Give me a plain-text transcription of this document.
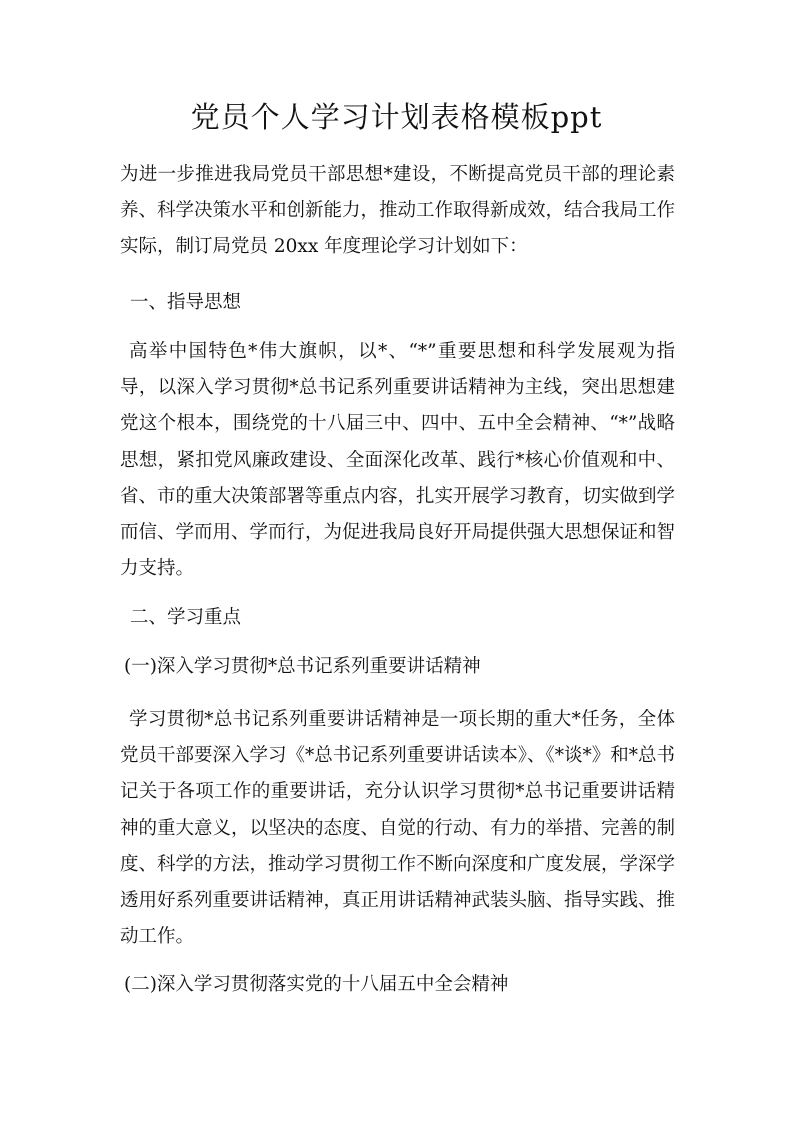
党员个人学习计划表格模板ppt
为进一步推进我局党员干部思想*建设，不断提高党员干部的理论素养、科学决策水平和创新能力，推动工作取得新成效，结合我局工作实际，制订局党员 20xx 年度理论学习计划如下：
一、指导思想
高举中国特色*伟大旗帜，以*、“*”重要思想和科学发展观为指导，以深入学习贯彻*总书记系列重要讲话精神为主线，突出思想建党这个根本，围绕党的十八届三中、四中、五中全会精神、“*”战略思想，紧扣党风廉政建设、全面深化改革、践行*核心价值观和中、省、市的重大决策部署等重点内容，扎实开展学习教育，切实做到学而信、学而用、学而行，为促进我局良好开局提供强大思想保证和智力支持。
二、学习重点
(一)深入学习贯彻*总书记系列重要讲话精神
学习贯彻*总书记系列重要讲话精神是一项长期的重大*任务，全体党员干部要深入学习《*总书记系列重要讲话读本》、《*谈*》和*总书记关于各项工作的重要讲话，充分认识学习贯彻*总书记重要讲话精神的重大意义，以坚决的态度、自觉的行动、有力的举措、完善的制度、科学的方法，推动学习贯彻工作不断向深度和广度发展，学深学透用好系列重要讲话精神，真正用讲话精神武装头脑、指导实践、推动工作。
(二)深入学习贯彻落实党的十八届五中全会精神
